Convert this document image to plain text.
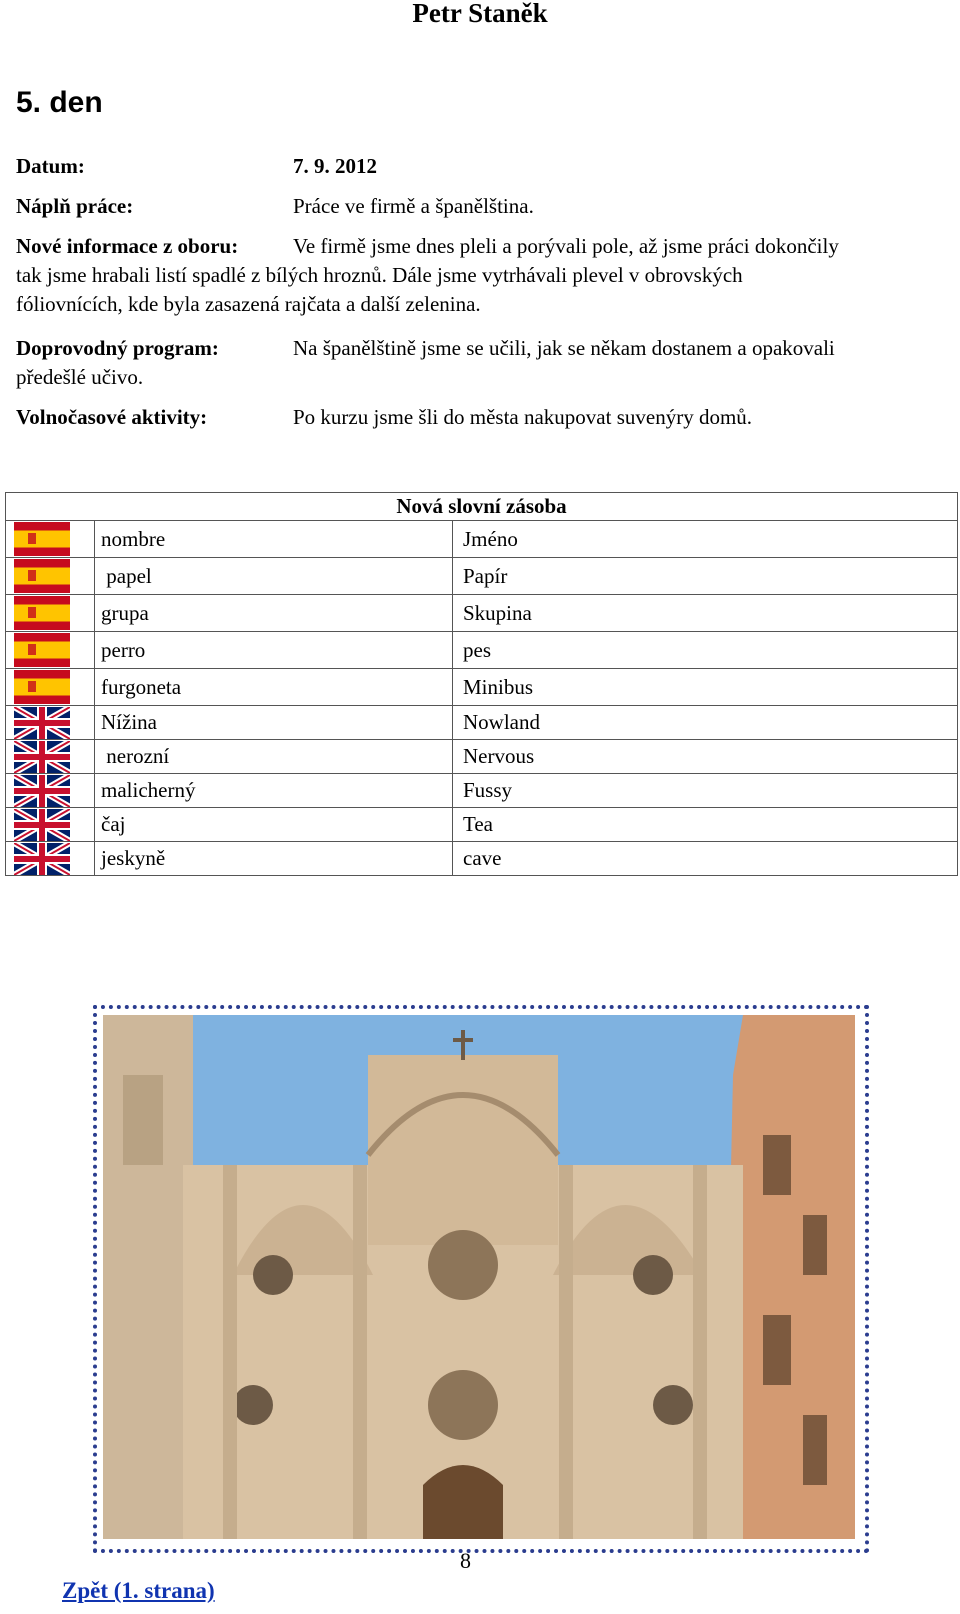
Petr Staněk
5. den
Datum:	7. 9. 2012
Náplň práce:	Práce ve firmě a španělština.
Nové informace z oboru:	Ve firmě jsme dnes pleli a porývali pole, až jsme práci dokončily
tak jsme hrabali listí spadlé z bílých hroznů. Dále jsme vytrhávali plevel v obrovských
fóliovnících, kde byla zasazená rajčata a další zelenina.
Doprovodný program:	Na španělštině jsme se učili, jak se někam dostanem a opakovali
předešlé učivo.
Volnočasové aktivity:	Po kurzu jsme šli do města nakupovat suvenýry domů.
Nová slovní zásoba		

	nombre	Jméno

	papel	Papír

	grupa	Skupina

	perro	pes

	furgoneta	Minibus

	Nížina	Nowland

	nerozní	Nervous

	malicherný	Fussy

	čaj	Tea

	jeskyně	cave
8
Zpět (1. strana)
